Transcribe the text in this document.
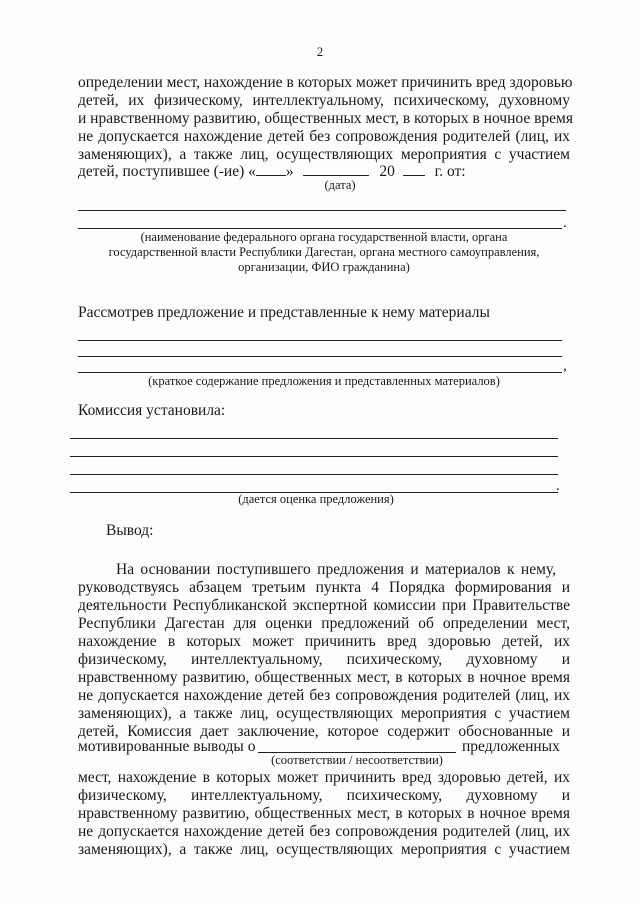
2
определении мест, нахождение в которых может причинить вред здоровью
детей, их физическому, интеллектуальному, психическому, духовному
и нравственному развитию, общественных мест, в которых в ночное время
не допускается нахождение детей без сопровождения родителей (лиц, их
заменяющих), а также лиц, осуществляющих мероприятия с участием
детей, поступившее (-ие) « »	20	г. от:
(дата)
.
(наименование федерального органа государственной власти, органа
государственной власти Республики Дагестан, органа местного самоуправления,
организации, ФИО гражданина)
Рассмотрев предложение и представленные к нему материалы
,
(краткое содержание предложения и представленных материалов)
Комиссия установила:
.
(дается оценка предложения)
Вывод:
На основании поступившего предложения и материалов к нему,
руководствуясь абзацем третьим пункта 4 Порядка формирования и
деятельности Республиканской экспертной комиссии при Правительстве
Республики Дагестан для оценки предложений об определении мест,
нахождение в которых может причинить вред здоровью детей, их
физическому, интеллектуальному, психическому, духовному и
нравственному развитию, общественных мест, в которых в ночное время
не допускается нахождение детей без сопровождения родителей (лиц, их
заменяющих), а также лиц, осуществляющих мероприятия с участием
детей, Комиссия дает заключение, которое содержит обоснованные и
мотивированные выводы о	предложенных
(соответствии / несоответствии)
мест, нахождение в которых может причинить вред здоровью детей, их
физическому, интеллектуальному, психическому, духовному и
нравственному развитию, общественных мест, в которых в ночное время
не допускается нахождение детей без сопровождения родителей (лиц, их
заменяющих), а также лиц, осуществляющих мероприятия с участием
